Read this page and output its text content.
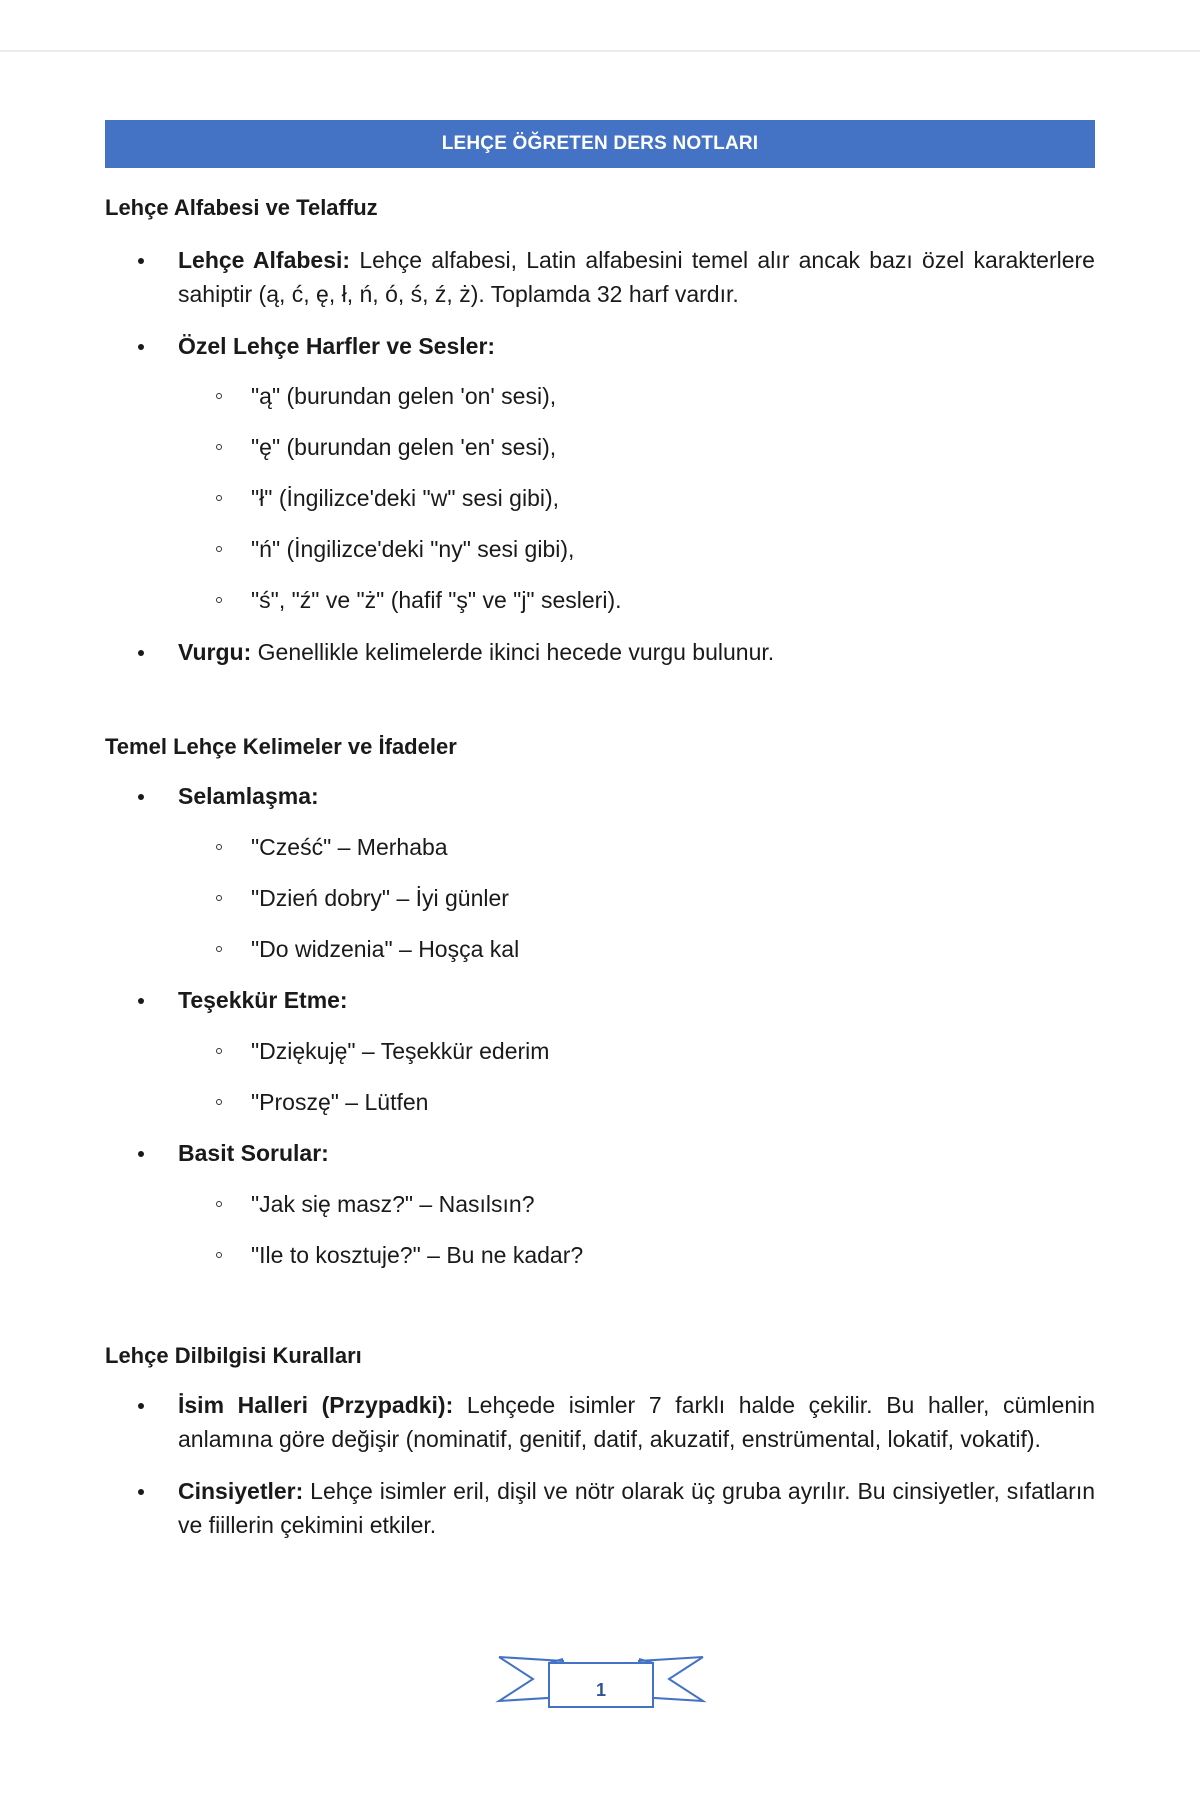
LEHÇE ÖĞRETEN DERS NOTLARI
Lehçe Alfabesi ve Telaffuz
Lehçe Alfabesi: Lehçe alfabesi, Latin alfabesini temel alır ancak bazı özel karakterlere sahiptir (ą, ć, ę, ł, ń, ó, ś, ź, ż). Toplamda 32 harf vardır.
Özel Lehçe Harfler ve Sesler:
"ą" (burundan gelen 'on' sesi),
"ę" (burundan gelen 'en' sesi),
"ł" (İngilizce'deki "w" sesi gibi),
"ń" (İngilizce'deki "ny" sesi gibi),
"ś", "ź" ve "ż" (hafif "ş" ve "j" sesleri).
Vurgu: Genellikle kelimelerde ikinci hecede vurgu bulunur.
Temel Lehçe Kelimeler ve İfadeler
Selamlaşma:
"Cześć" – Merhaba
"Dzień dobry" – İyi günler
"Do widzenia" – Hoşça kal
Teşekkür Etme:
"Dziękuję" – Teşekkür ederim
"Proszę" – Lütfen
Basit Sorular:
"Jak się masz?" – Nasılsın?
"Ile to kosztuje?" – Bu ne kadar?
Lehçe Dilbilgisi Kuralları
İsim Halleri (Przypadki): Lehçede isimler 7 farklı halde çekilir. Bu haller, cümlenin anlamına göre değişir (nominatif, genitif, datif, akuzatif, enstrümental, lokatif, vokatif).
Cinsiyetler: Lehçe isimler eril, dişil ve nötr olarak üç gruba ayrılır. Bu cinsiyetler, sıfatların ve fiillerin çekimini etkiler.
1
